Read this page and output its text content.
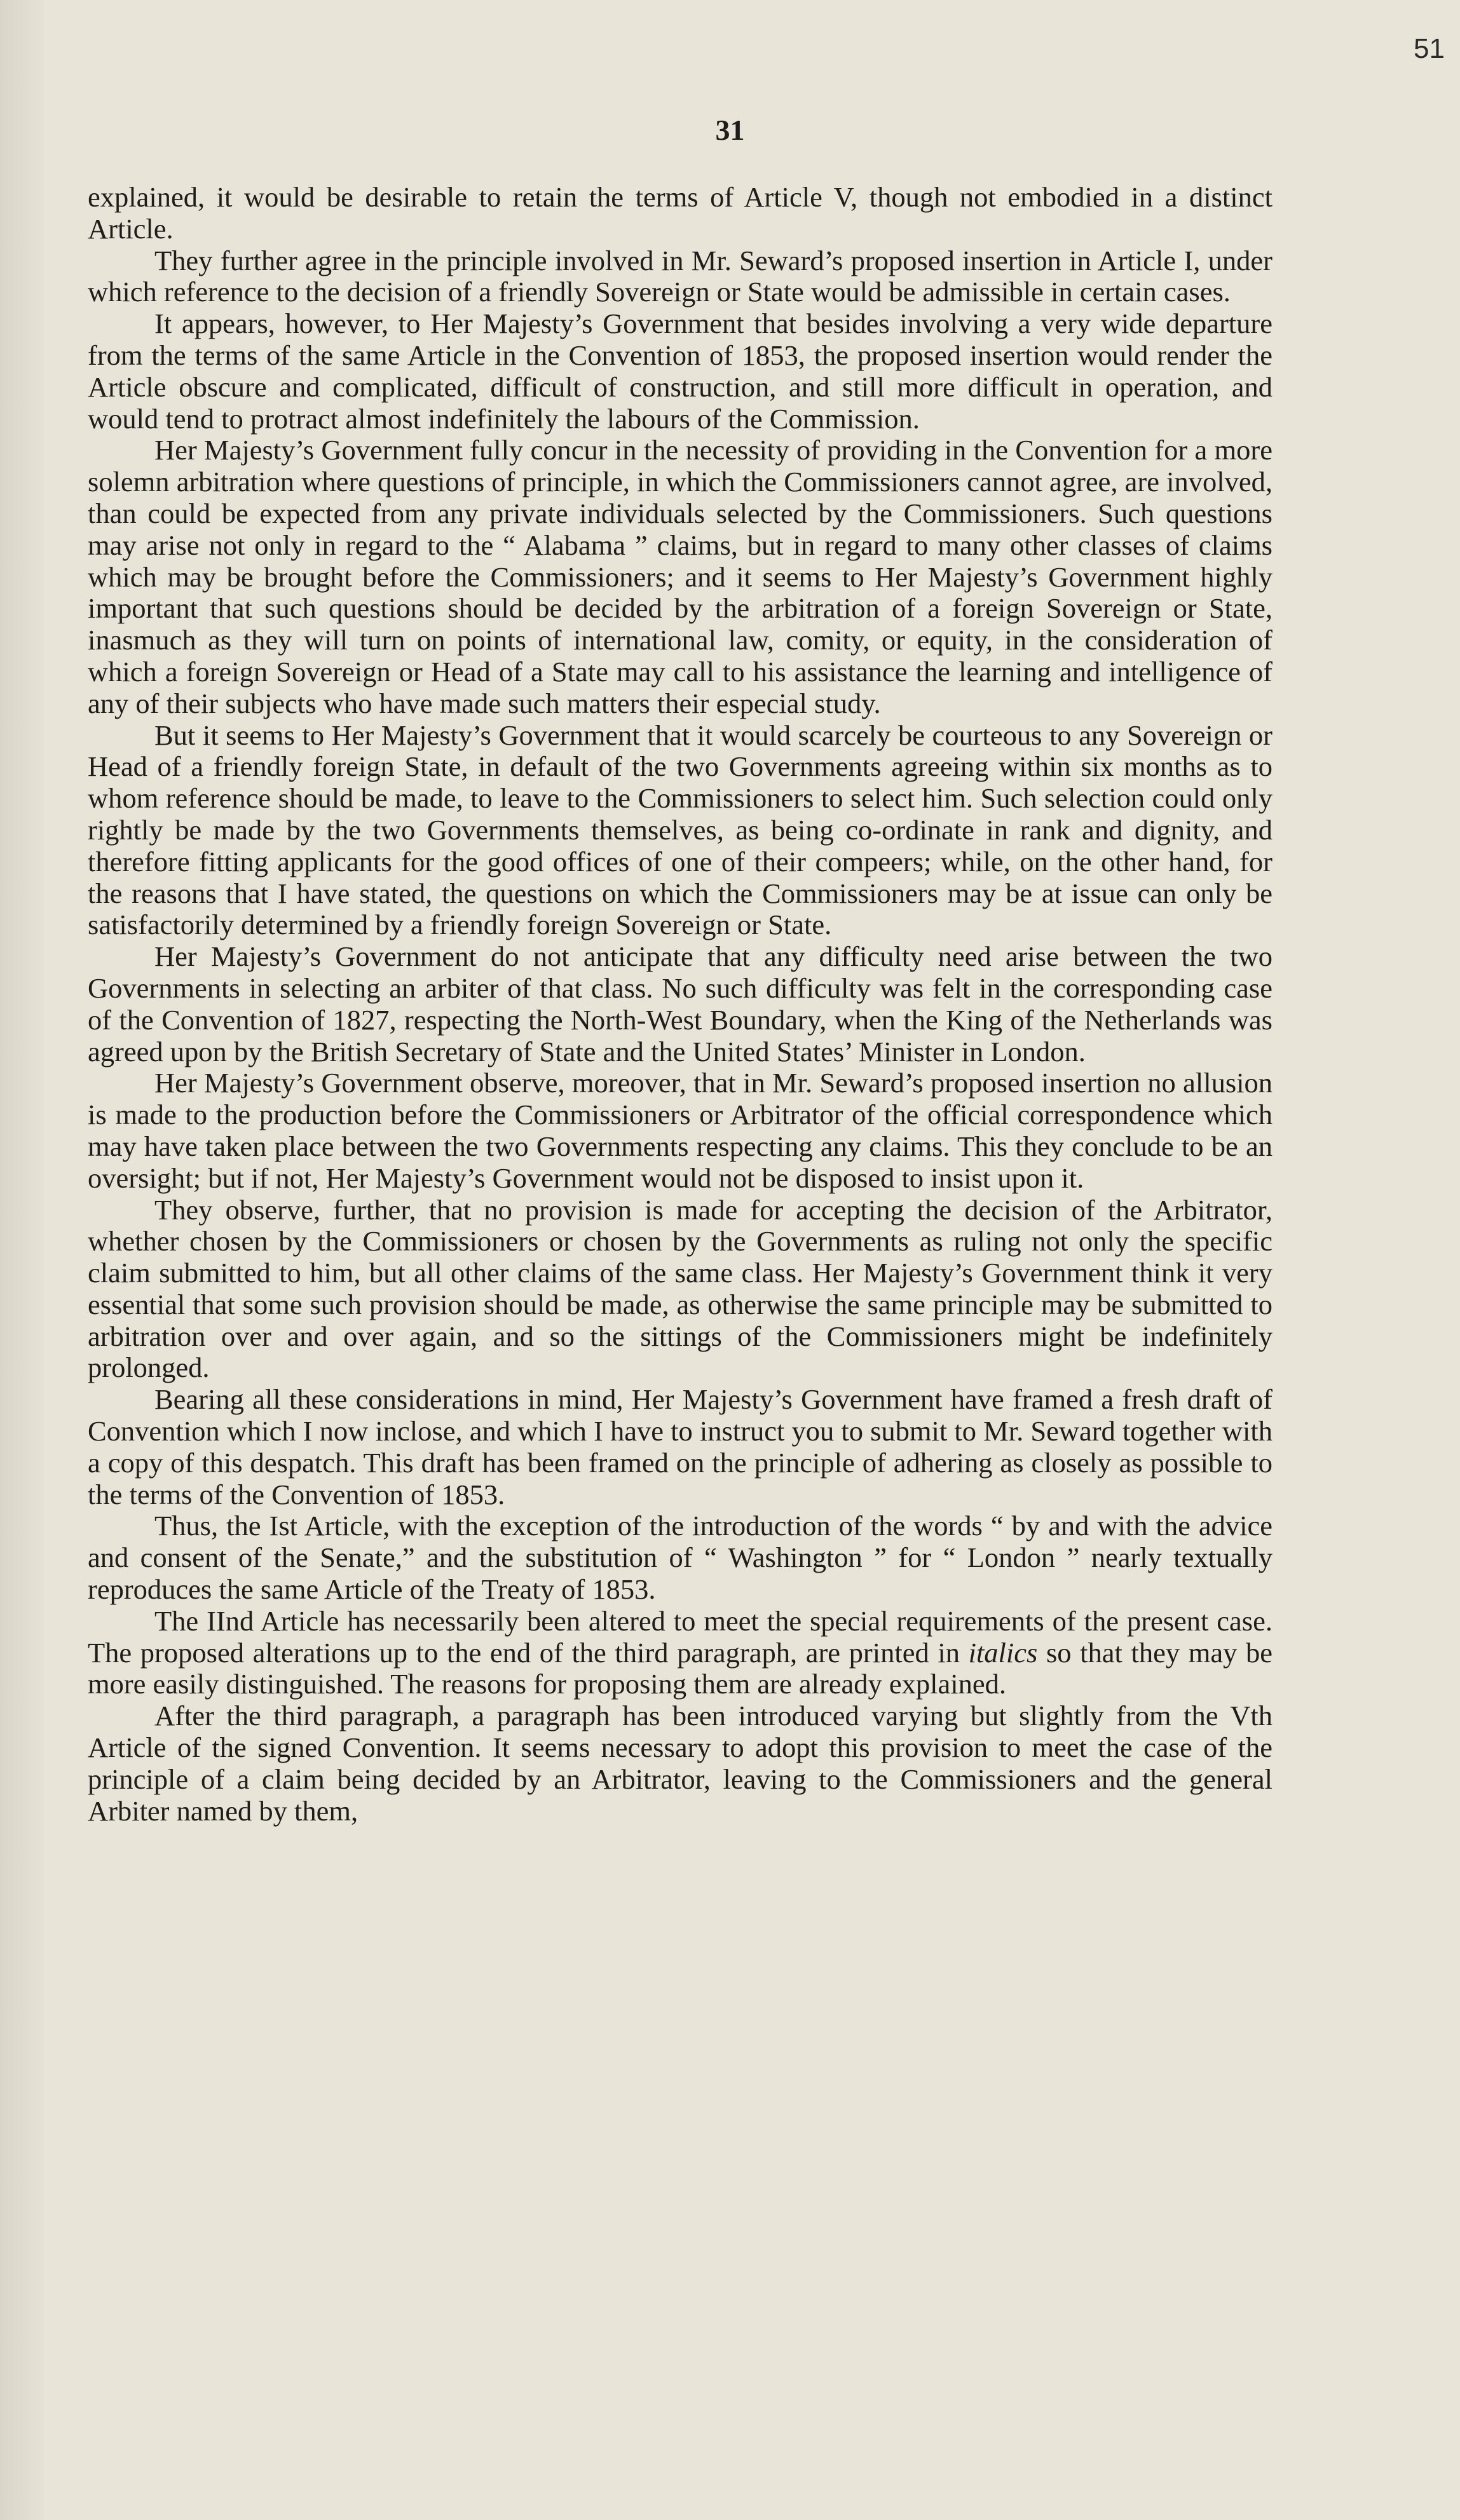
51
31

explained, it would be desirable to retain the terms of Article V, though not embodied in a distinct Article.

They further agree in the principle involved in Mr. Seward’s proposed insertion in Article I, under which reference to the decision of a friendly Sovereign or State would be admissible in certain cases.

It appears, however, to Her Majesty’s Government that besides involving a very wide departure from the terms of the same Article in the Convention of 1853, the proposed insertion would render the Article obscure and complicated, difficult of construction, and still more difficult in operation, and would tend to protract almost indefinitely the labours of the Commission.

Her Majesty’s Government fully concur in the necessity of providing in the Convention for a more solemn arbitration where questions of principle, in which the Commissioners cannot agree, are involved, than could be expected from any private individuals selected by the Commissioners. Such questions may arise not only in regard to the “ Alabama ” claims, but in regard to many other classes of claims which may be brought before the Commissioners; and it seems to Her Majesty’s Government highly important that such questions should be decided by the arbitration of a foreign Sovereign or State, inasmuch as they will turn on points of international law, comity, or equity, in the consideration of which a foreign Sovereign or Head of a State may call to his assistance the learning and intelligence of any of their subjects who have made such matters their especial study.

But it seems to Her Majesty’s Government that it would scarcely be courteous to any Sovereign or Head of a friendly foreign State, in default of the two Governments agreeing within six months as to whom reference should be made, to leave to the Commissioners to select him. Such selection could only rightly be made by the two Governments themselves, as being co-ordinate in rank and dignity, and therefore fitting applicants for the good offices of one of their compeers; while, on the other hand, for the reasons that I have stated, the questions on which the Commissioners may be at issue can only be satisfactorily determined by a friendly foreign Sovereign or State.

Her Majesty’s Government do not anticipate that any difficulty need arise between the two Governments in selecting an arbiter of that class. No such difficulty was felt in the corresponding case of the Convention of 1827, respecting the North-West Boundary, when the King of the Netherlands was agreed upon by the British Secretary of State and the United States’ Minister in London.

Her Majesty’s Government observe, moreover, that in Mr. Seward’s proposed insertion no allusion is made to the production before the Commissioners or Arbitrator of the official correspondence which may have taken place between the two Governments respecting any claims. This they conclude to be an oversight; but if not, Her Majesty’s Government would not be disposed to insist upon it.

They observe, further, that no provision is made for accepting the decision of the Arbitrator, whether chosen by the Commissioners or chosen by the Governments as ruling not only the specific claim submitted to him, but all other claims of the same class. Her Majesty’s Government think it very essential that some such provision should be made, as otherwise the same principle may be submitted to arbitration over and over again, and so the sittings of the Commissioners might be indefinitely prolonged.

Bearing all these considerations in mind, Her Majesty’s Government have framed a fresh draft of Convention which I now inclose, and which I have to instruct you to submit to Mr. Seward together with a copy of this despatch. This draft has been framed on the principle of adhering as closely as possible to the terms of the Convention of 1853.

Thus, the Ist Article, with the exception of the introduction of the words “ by and with the advice and consent of the Senate,” and the substitution of “ Washington ” for “ London ” nearly textually reproduces the same Article of the Treaty of 1853.

The IInd Article has necessarily been altered to meet the special requirements of the present case. The proposed alterations up to the end of the third paragraph, are printed in italics so that they may be more easily distinguished. The reasons for proposing them are already explained.

After the third paragraph, a paragraph has been introduced varying but slightly from the Vth Article of the signed Convention. It seems necessary to adopt this provision to meet the case of the principle of a claim being decided by an Arbitrator, leaving to the Commissioners and the general Arbiter named by them,
